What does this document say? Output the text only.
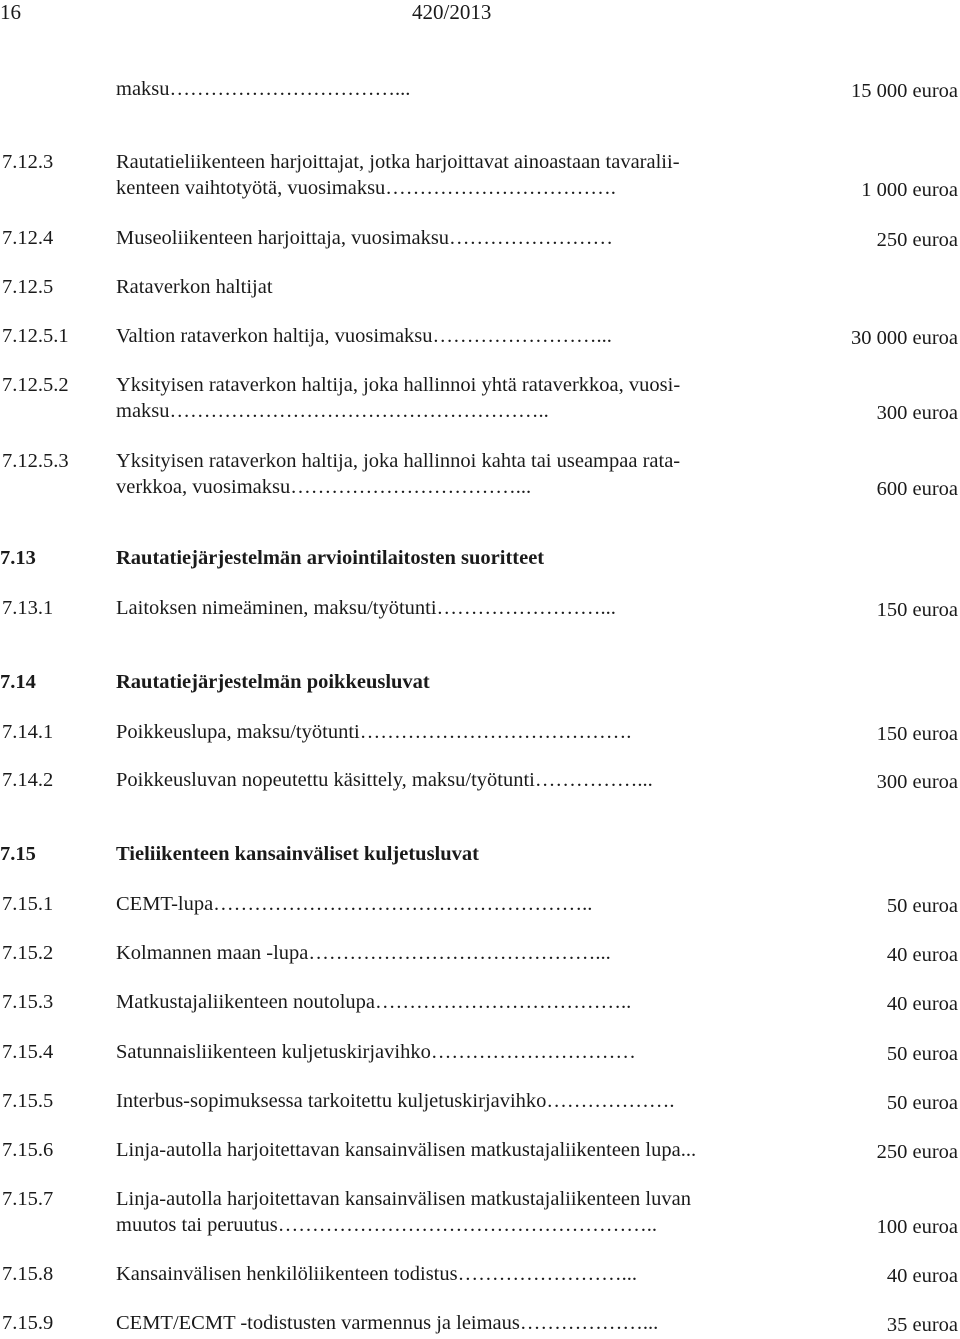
16	420/2013
maksu……………………………...	15 000 euroa
7.12.3	Rautatieliikenteen harjoittajat, jotka harjoittavat ainoastaan tavaralii-
kenteen vaihtotyötä, vuosimaksu…………………………….	1 000 euroa
7.12.4	Museoliikenteen harjoittaja, vuosimaksu……………………	250 euroa
7.12.5	Rataverkon haltijat
7.12.5.1 Valtion rataverkon haltija, vuosimaksu……………………...	30 000 euroa
7.12.5.2 Yksityisen rataverkon haltija, joka hallinnoi yhtä rataverkkoa, vuosi-
maksu………………………………………………..	300 euroa
7.12.5.3 Yksityisen rataverkon haltija, joka hallinnoi kahta tai useampaa rata-
verkkoa, vuosimaksu……………………………...	600 euroa
7.13	Rautatiejärjestelmän arviointilaitosten suoritteet
7.13.1	Laitoksen nimeäminen, maksu/työtunti……………………...	150 euroa
7.14	Rautatiejärjestelmän poikkeusluvat
7.14.1	Poikkeuslupa, maksu/työtunti………………………………….	150 euroa
7.14.2	Poikkeusluvan nopeutettu käsittely, maksu/työtunti……………...	300 euroa
7.15	Tieliikenteen kansainväliset kuljetusluvat
7.15.1	CEMT-lupa………………………………………………..	50 euroa
7.15.2	Kolmannen maan -lupa……………………………………...	40 euroa
7.15.3	Matkustajaliikenteen noutolupa………………………………..	40 euroa
7.15.4	Satunnaisliikenteen kuljetuskirjavihko…………………………	50 euroa
7.15.5	Interbus-sopimuksessa tarkoitettu kuljetuskirjavihko……………….	50 euroa
7.15.6	Linja-autolla harjoitettavan kansainvälisen matkustajaliikenteen lupa...	250 euroa
7.15.7	Linja-autolla harjoitettavan kansainvälisen matkustajaliikenteen luvan
muutos tai peruutus………………………………………………..	100 euroa
7.15.8	Kansainvälisen henkilöliikenteen todistus……………………...	40 euroa
7.15.9	CEMT/ECMT -todistusten varmennus ja leimaus………………...	35 euroa
